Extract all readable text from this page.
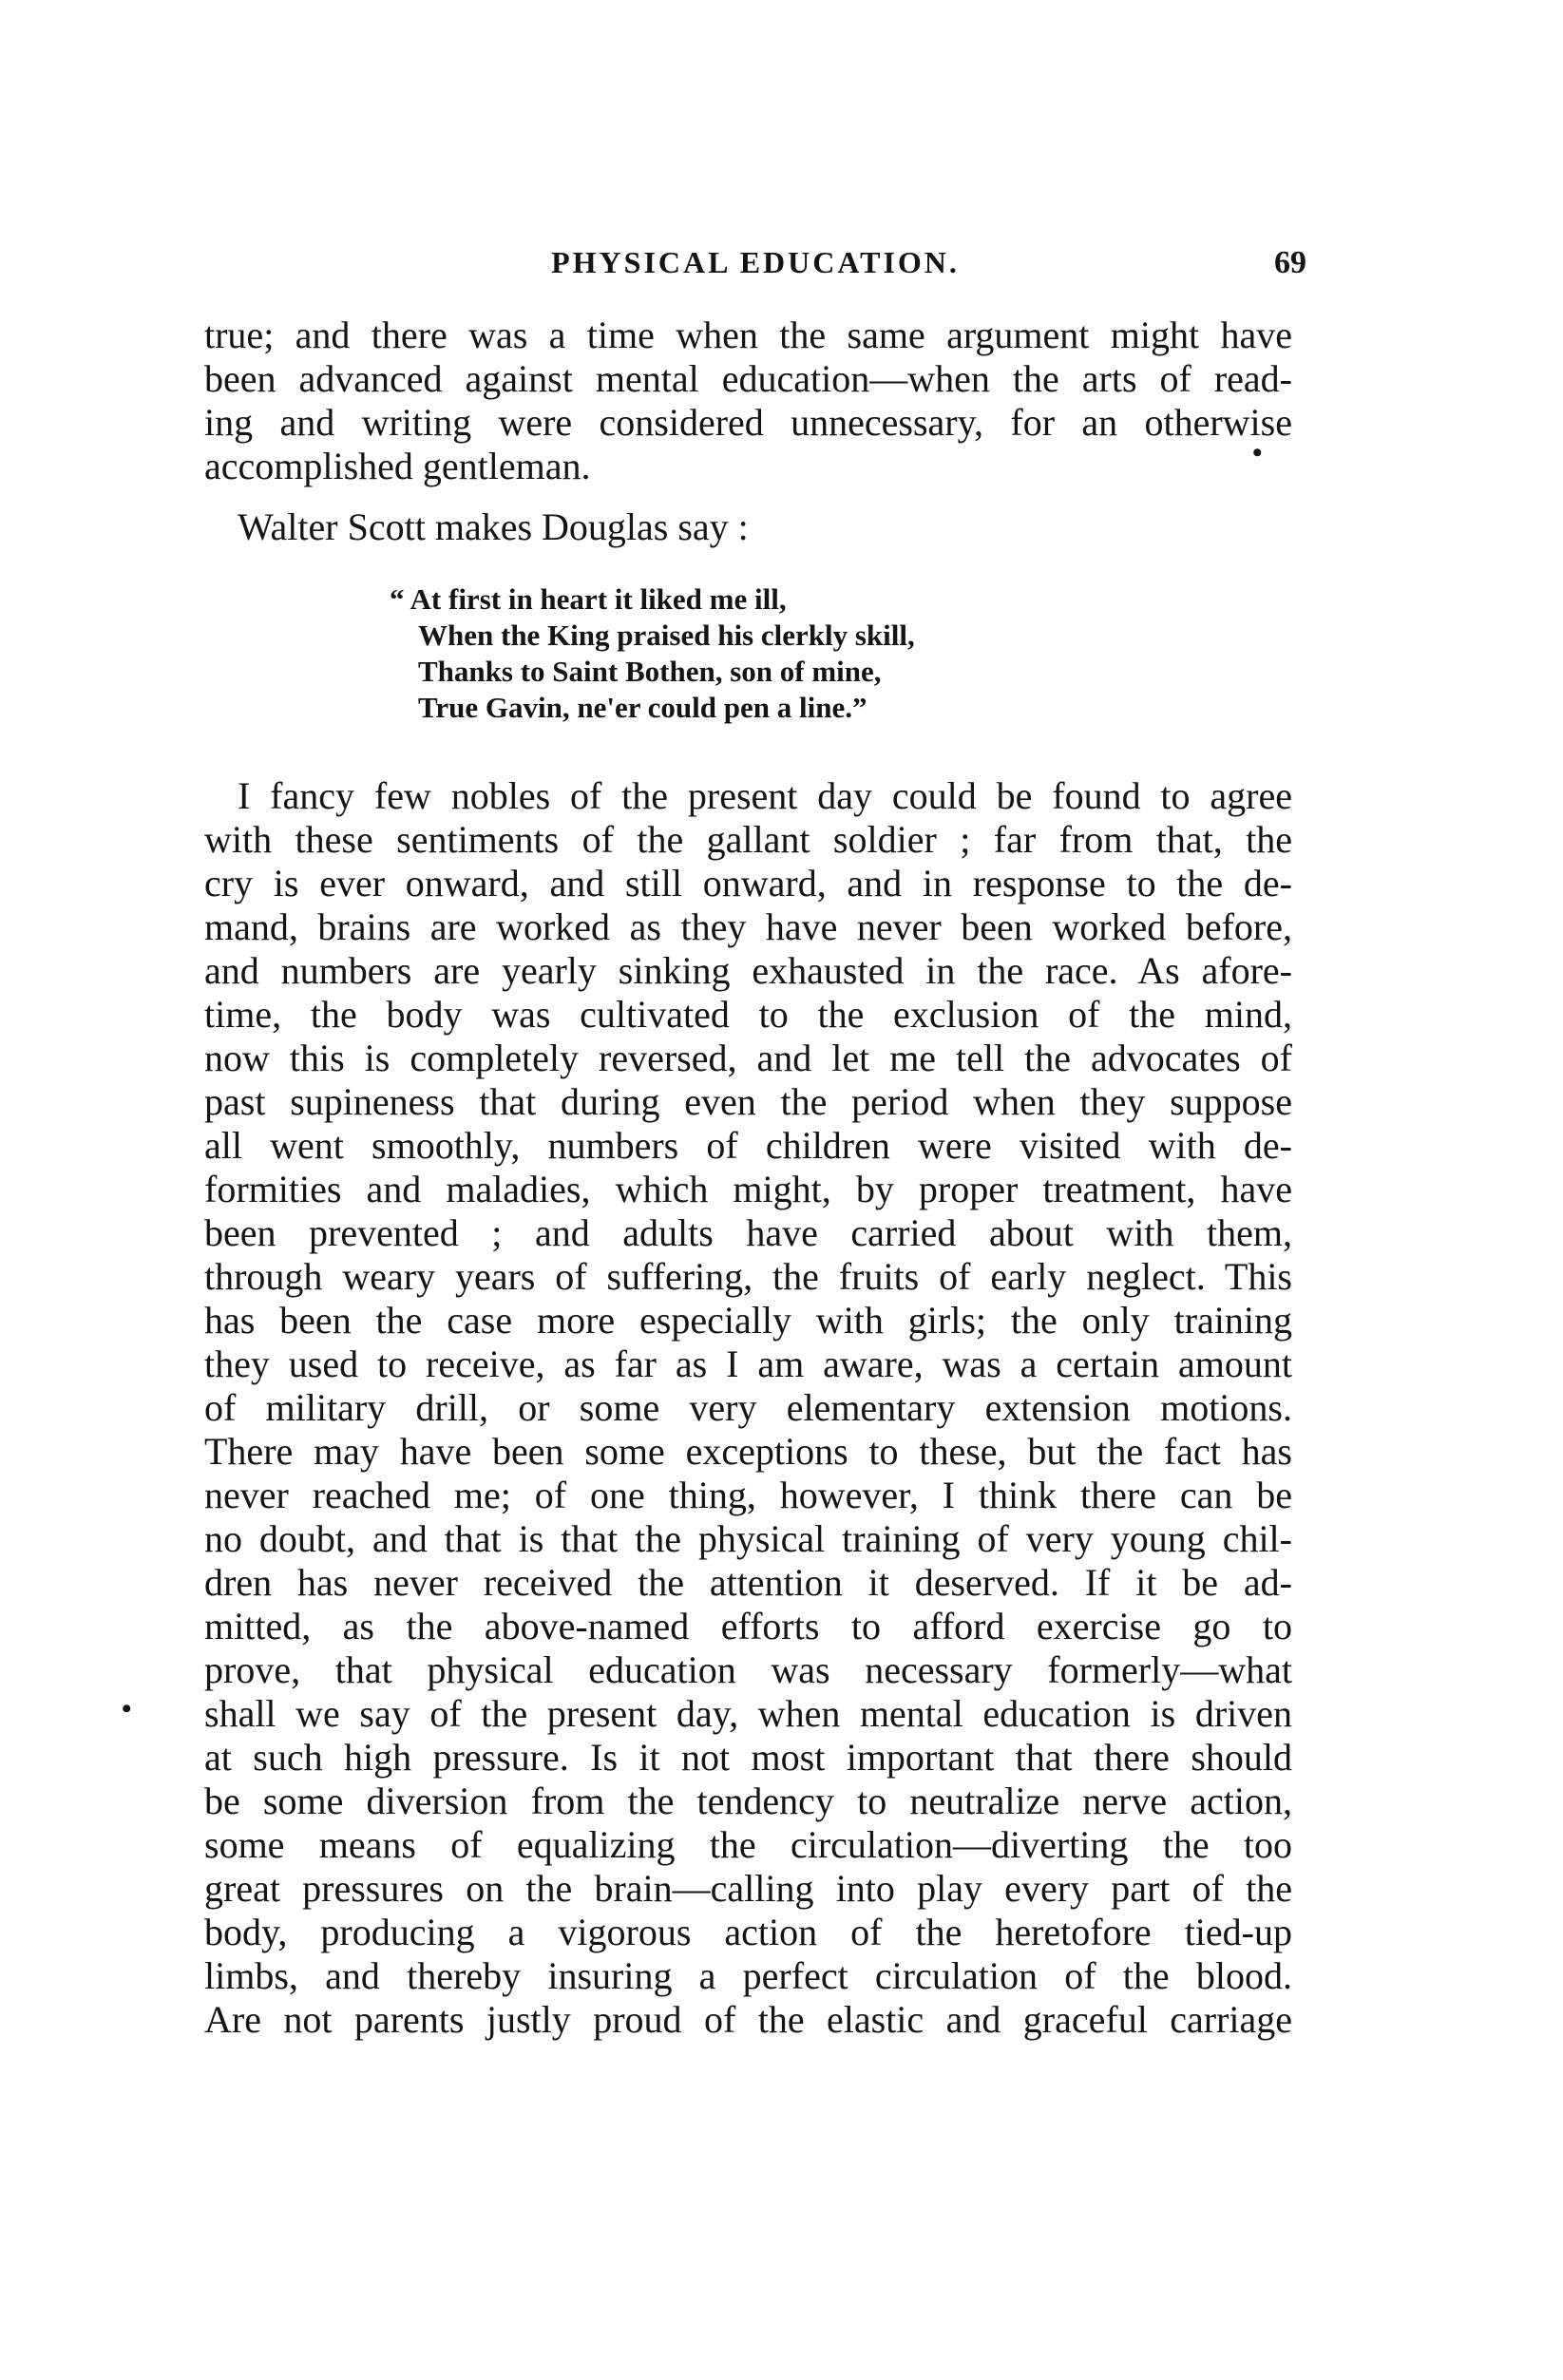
PHYSICAL EDUCATION.	69
true; and there was a time when the same argument might have
been advanced against mental education—when the arts of read-
ing and writing were considered unnecessary, for an otherwise
accomplished gentleman.	•
Walter Scott makes Douglas say :
“ At first in heart it liked me ill,
When the King praised his clerkly skill,
Thanks to Saint Bothen, son of mine,
True Gavin, ne'er could pen a line.”
I fancy few nobles of the present day could be found to agree
with these sentiments of the gallant soldier ; far from that, the
cry is ever onward, and still onward, and in response to the de-
mand, brains are worked as they have never been worked before,
and numbers are yearly sinking exhausted in the race. As afore-
time, the body was cultivated to the exclusion of the mind,
now this is completely reversed, and let me tell the advocates of
past supineness that during even the period when they suppose
all went smoothly, numbers of children were visited with de-
formities and maladies, which might, by proper treatment, have
been prevented ; and adults have carried about with them,
through weary years of suffering, the fruits of early neglect. This
has been the case more especially with girls; the only training
they used to receive, as far as I am aware, was a certain amount
of military drill, or some very elementary extension motions.
There may have been some exceptions to these, but the fact has
never reached me; of one thing, however, I think there can be
no doubt, and that is that the physical training of very young chil-
dren has never received the attention it deserved. If it be ad-
mitted, as the above-named efforts to afford exercise go to
prove, that physical education was necessary formerly—what
• shall we say of the present day, when mental education is driven
at such high pressure. Is it not most important that there should
be some diversion from the tendency to neutralize nerve action,
some means of equalizing the circulation—diverting the too
great pressures on the brain—calling into play every part of the
body, producing a vigorous action of the heretofore tied-up
limbs, and thereby insuring a perfect circulation of the blood.
Are not parents justly proud of the elastic and graceful carriage
